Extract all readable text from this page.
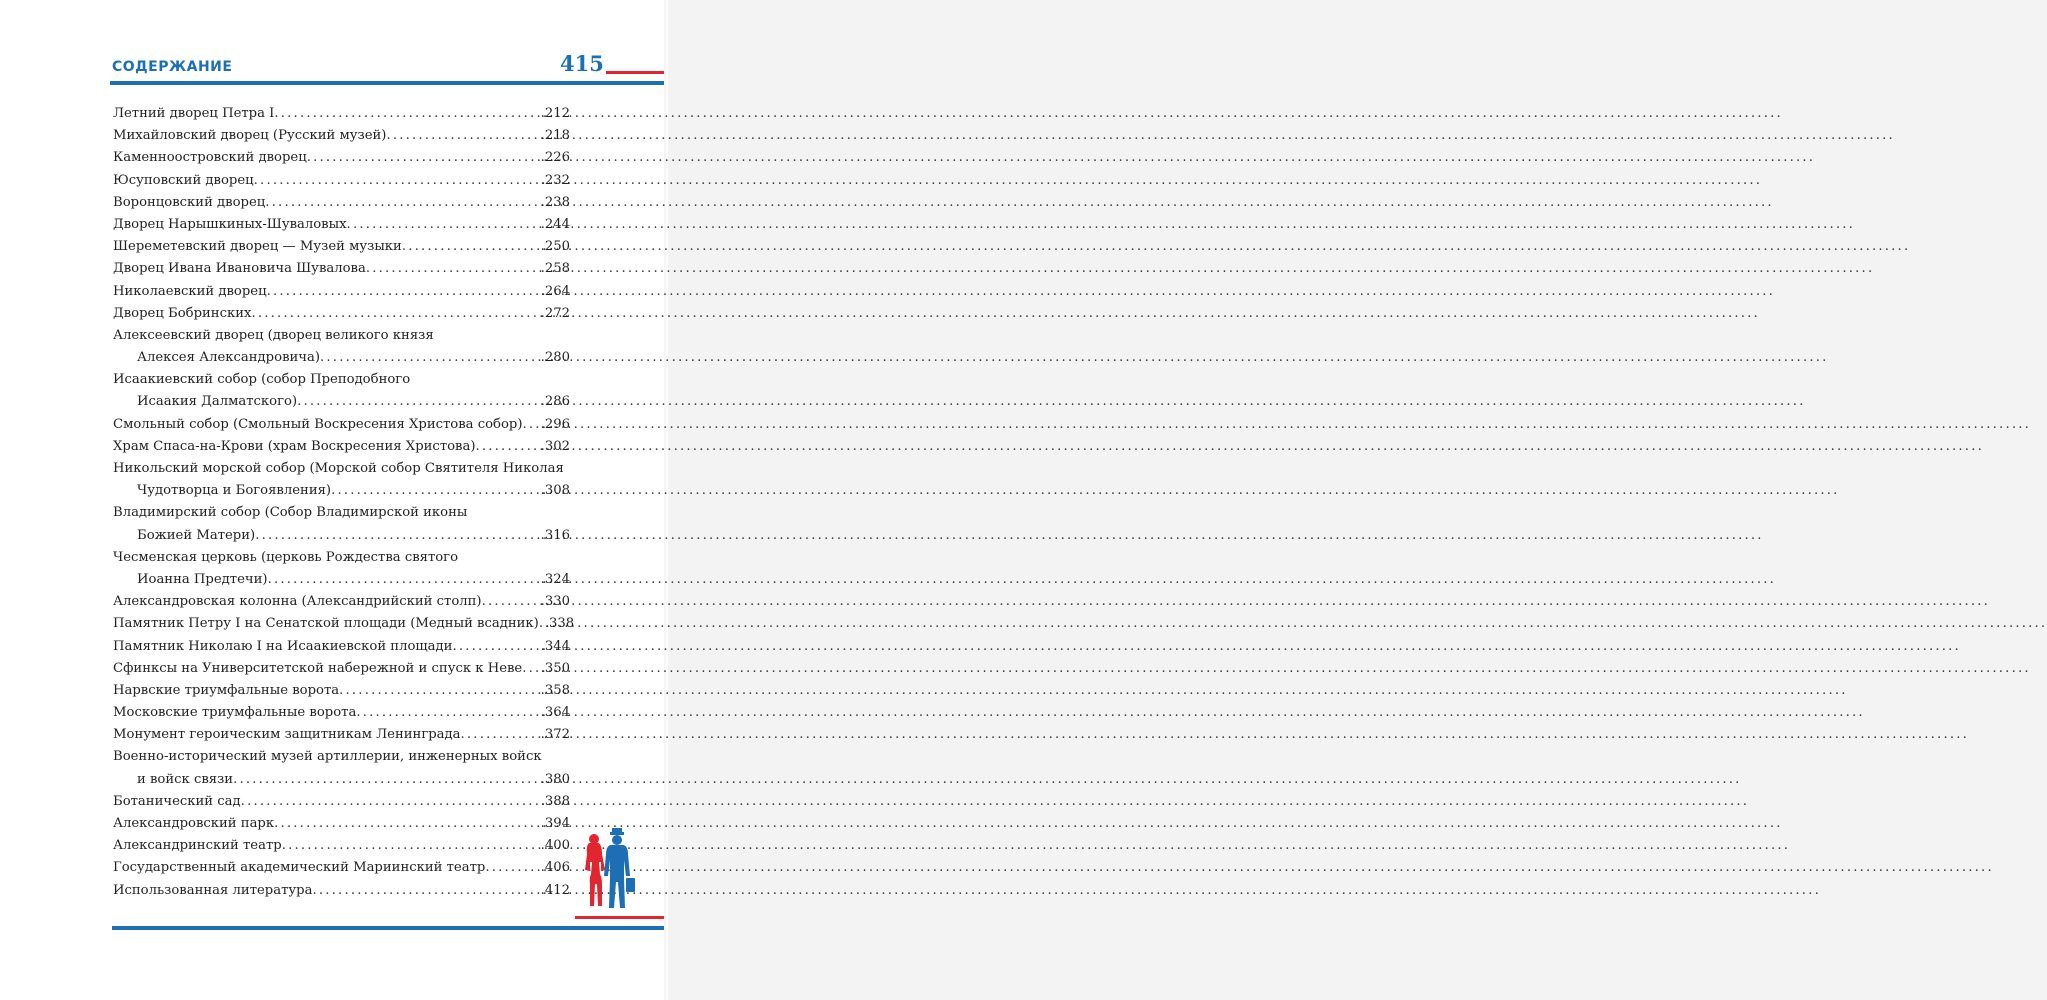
СОДЕРЖАНИЕ	415
Летний дворец Петра I .....	.212
Михайловский дворец (Русский музей) .....	.218
Каменноостровский дворец .....	.226
Юсуповский дворец .....	.232
Воронцовский дворец .....	.238
Дворец Нарышкиных-Шуваловых .....	.244
Шереметевский дворец — Музей музыки .....	.250
Дворец Ивана Ивановича Шувалова .....	.258
Николаевский дворец .....	.264
Дворец Бобринских .....	.272
Алексеевский дворец (дворец великого князя
Алексея Александровича) .....	.280
Исаакиевский собор (собор Преподобного
Исаакия Далматского) .....	.286
Смольный собор (Смольный Воскресения Христова собор) ..... .296
Храм Спаса-на-Крови (храм Воскресения Христова) .....	.302
Никольский морской собор (Морской собор Святителя Николая
Чудотворца и Богоявления) .....	.308
Владимирский собор (Собор Владимирской иконы
Божией Матери) .....	.316
Чесменская церковь (церковь Рождества святого
Иоанна Предтечи) .....	.324
Александровская колонна (Александрийский столп) .....	.330
Памятник Петру I на Сенатской площади (Медный всадник) ..... .338
Памятник Николаю I на Исаакиевской площади .....	.344
Сфинксы на Университетской набережной и спуск к Неве ..... .350
Нарвские триумфальные ворота .....	.358
Московские триумфальные ворота .....	.364
Монумент героическим защитникам Ленинграда .....	.372
Военно-исторический музей артиллерии, инженерных войск
и войск связи .....	.380
Ботанический сад .....	.388
Александровский парк .....	.394
Александринский театр .....	.400
Государственный академический Мариинский театр .....	.406
Использованная литература .....	.412
